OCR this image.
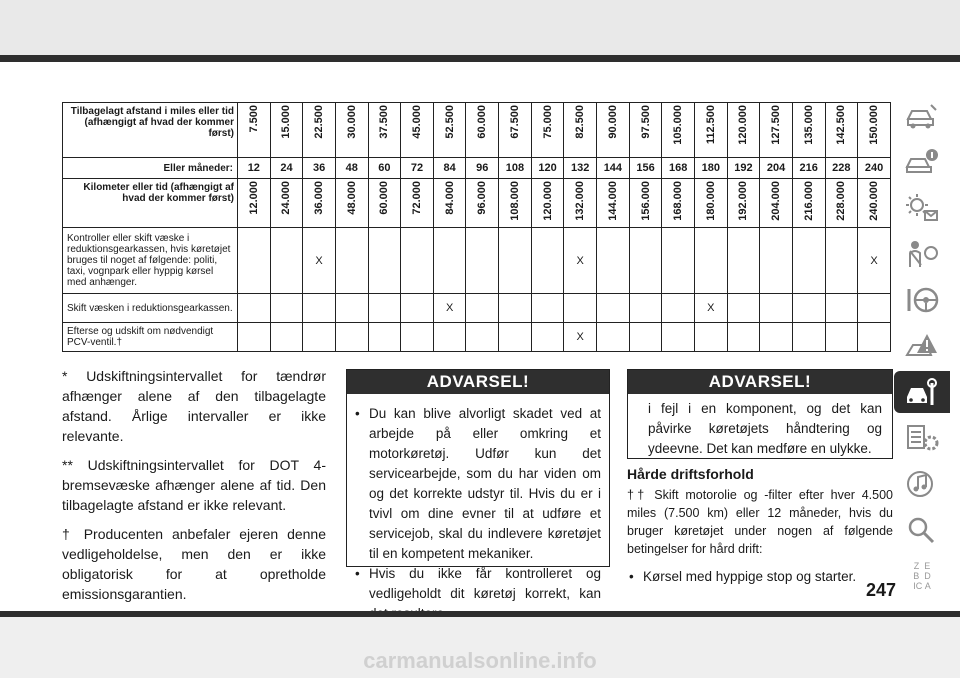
Tilbagelagt afstand i miles eller tid (afhængigt af hvad der kommer først)	7.500	15.000	22.500	30.000	37.500	45.000	52.500	60.000	67.500	75.000	82.500	90.000	97.500	105.000	112.500	120.000	127.500	135.000	142.500	150.000
Eller måneder:	12	24	36	48	60	72	84	96	108	120	132	144	156	168	180	192	204	216	228	240
Kilometer eller tid (afhængigt af hvad der kommer først)	12.000	24.000	36.000	48.000	60.000	72.000	84.000	96.000	108.000	120.000	132.000	144.000	156.000	168.000	180.000	192.000	204.000	216.000	228.000	240.000
Kontroller eller skift væske i reduktionsgearkassen, hvis køretøjet bruges til noget af følgende: politi, taxi, vognpark eller hyppig kørsel med anhænger.			X								X									X
Skift væsken i reduktionsgearkassen.							X								X					
Efterse og udskift om nødvendigt PCV-ventil.†											X									

* Udskiftningsintervallet for tændrør afhænger alene af den tilbagelagte afstand. Årlige intervaller er ikke relevante.

** Udskiftningsintervallet for DOT 4-bremsevæske afhænger alene af tid. Den tilbagelagte afstand er ikke relevant.

† Producenten anbefaler ejeren denne vedligeholdelse, men den er ikke obligatorisk for at opretholde emissionsgarantien.

ADVARSEL!
• Du kan blive alvorligt skadet ved at arbejde på eller omkring et motorkøretøj. Udfør kun det servicearbejde, som du har viden om og det korrekte udstyr til. Hvis du er i tvivl om dine evner til at udføre et servicejob, skal du indlevere køretøjet til en kompetent mekaniker.
• Hvis du ikke får kontrolleret og vedligeholdt dit køretøj korrekt, kan
ADVARSEL!
i fejl i en komponent, og det kan påvirke køretøjets håndtering og ydeevne. Det kan medføre en ulykke.
Hårde driftsforhold

†† Skift motorolie og -filter efter hver 4.500 miles (7.500 km) eller 12 måneder, hvis du bruger køretøjet under nogen af følgende betingelser for hård drift:

• Kørsel med hyppige stop og starter.
247
Z  E
B  D
IC A
carmanualsonline.info
